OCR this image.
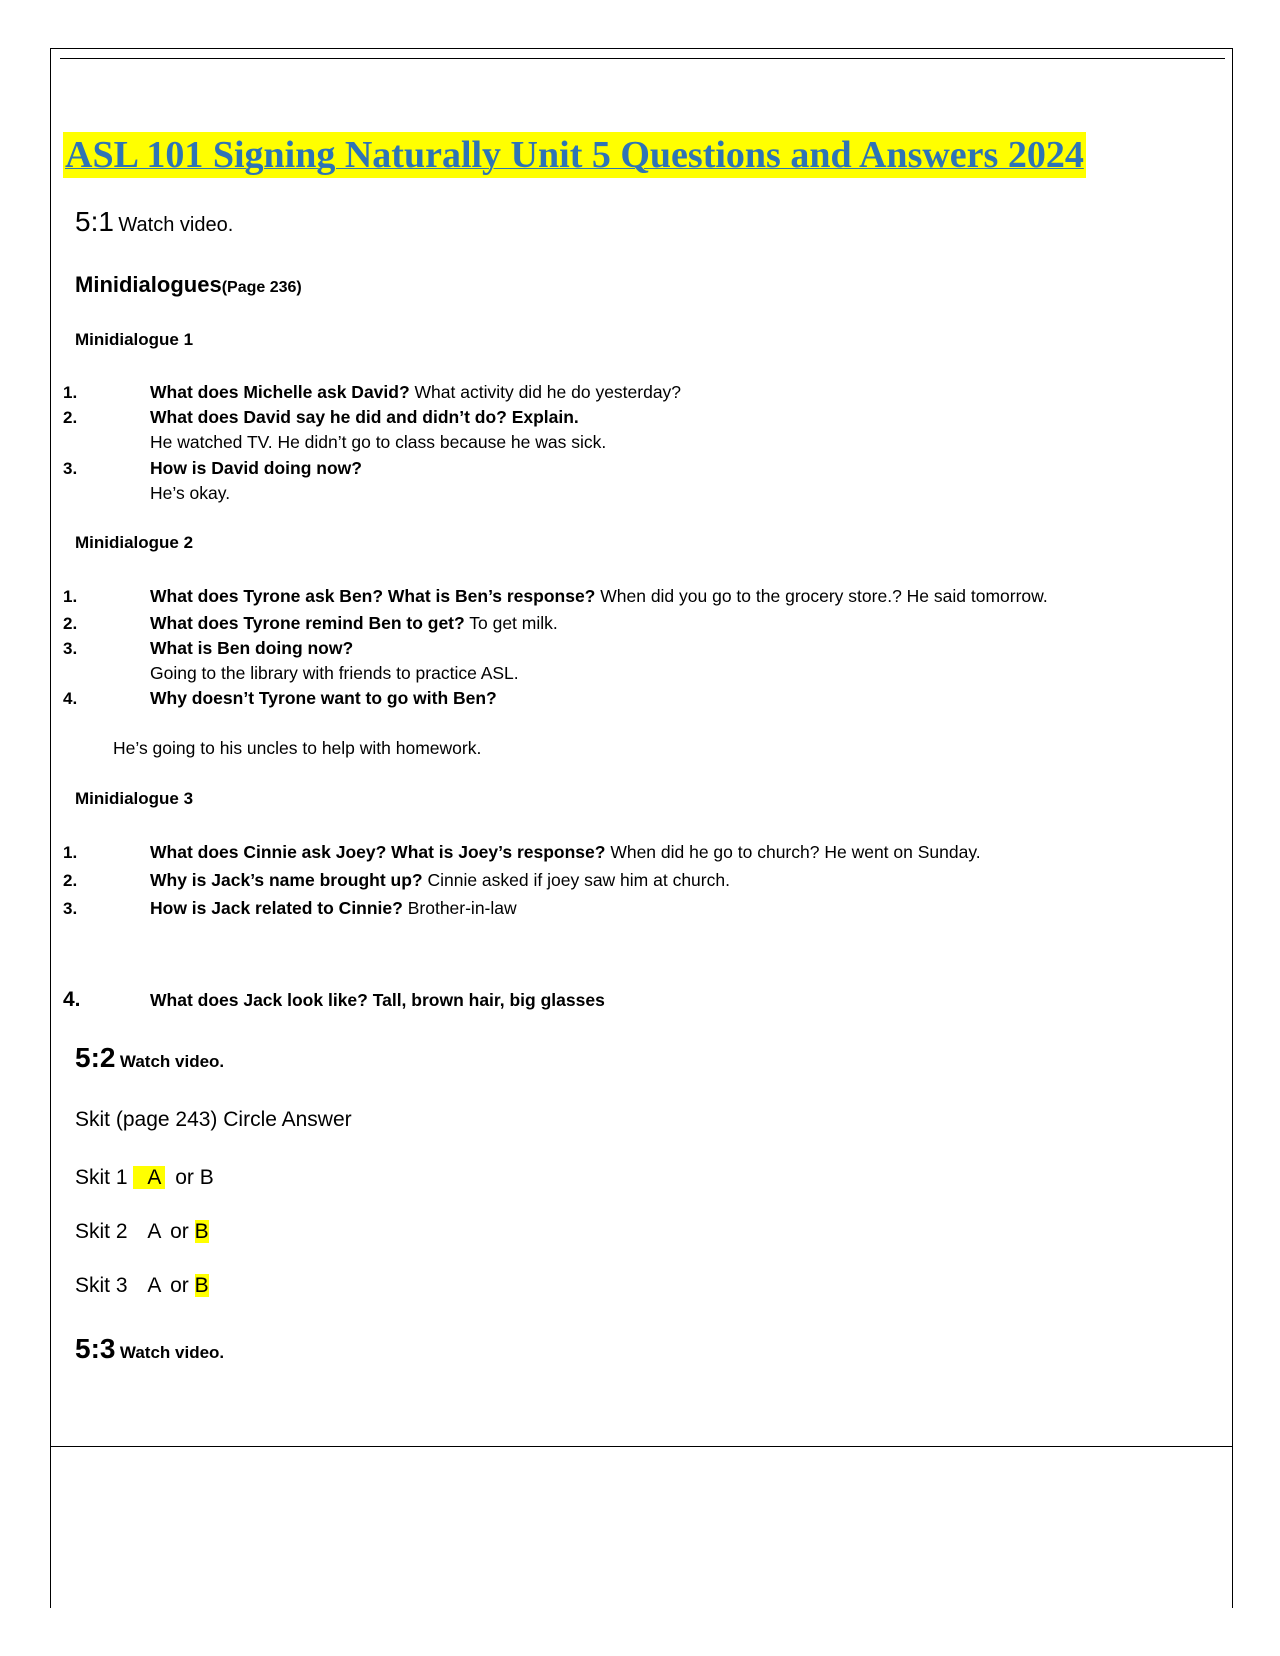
ASL 101 Signing Naturally Unit 5 Questions and Answers 2024
5:1 Watch video.
Minidialogues(Page 236)
Minidialogue 1
1.	What does Michelle ask David? What activity did he do yesterday?
2.	What does David say he did and didn’t do? Explain.
He watched TV. He didn’t go to class because he was sick.
3.	How is David doing now?
He’s okay.
Minidialogue 2
1.	What does Tyrone ask Ben? What is Ben’s response? When did you go to the grocery store.? He said tomorrow.
2.	What does Tyrone remind Ben to get? To get milk.
3.	What is Ben doing now?
Going to the library with friends to practice ASL.
4.	Why doesn’t Tyrone want to go with Ben?
He’s going to his uncles to help with homework.
Minidialogue 3
1.	What does Cinnie ask Joey? What is Joey’s response? When did he go to church? He went on Sunday.
2.	Why is Jack’s name brought up? Cinnie asked if joey saw him at church.
3.	How is Jack related to Cinnie? Brother-in-law
4.	What does Jack look like? Tall, brown hair, big glasses
5:2 Watch video.
Skit (page 243) Circle Answer
Skit 1 A or B
Skit 2 A or B
Skit 3 A or B
5:3 Watch video.
